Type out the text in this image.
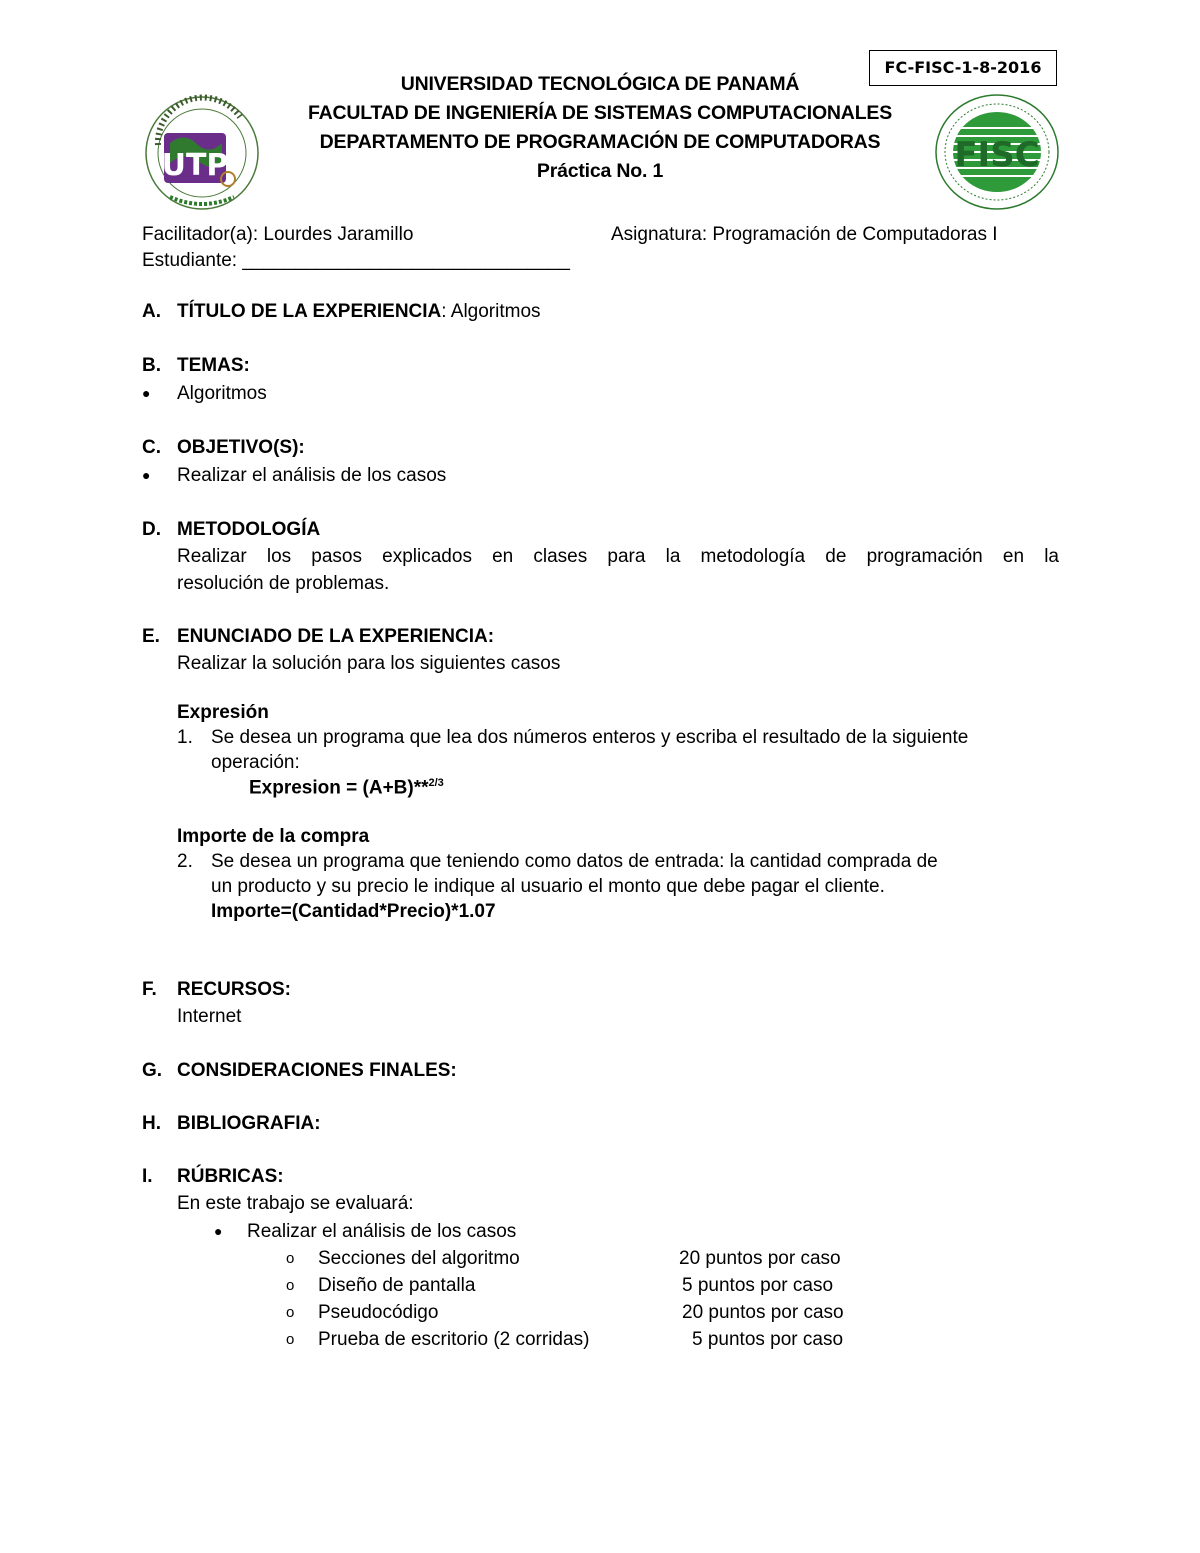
FC-FISC-1-8-2016
UTP	FISC
UNIVERSIDAD TECNOLÓGICA DE PANAMÁ
FACULTAD DE INGENIERÍA DE SISTEMAS COMPUTACIONALES
DEPARTAMENTO DE PROGRAMACIÓN DE COMPUTADORAS
Práctica No. 1
Facilitador(a): Lourdes Jaramillo	Asignatura: Programación de Computadoras I
Estudiante: _______________________________
A. TÍTULO DE LA EXPERIENCIA: Algoritmos
B. TEMAS:
● Algoritmos
C. OBJETIVO(S):
● Realizar el análisis de los casos
D. METODOLOGÍA
Realizar los pasos explicados en clases para la metodología de programación en la
resolución de problemas.
E. ENUNCIADO DE LA EXPERIENCIA:
Realizar la solución para los siguientes casos
Expresión
1. Se desea un programa que lea dos números enteros y escriba el resultado de la siguiente
operación:
Expresion = (A+B)**$^{2/3}$
Importe de la compra
2. Se desea un programa que teniendo como datos de entrada: la cantidad comprada de
un producto y su precio le indique al usuario el monto que debe pagar el cliente.
Importe=(Cantidad*Precio)*1.07
F. RECURSOS:
Internet
G. CONSIDERACIONES FINALES:
H. BIBLIOGRAFIA:
I. RÚBRICAS:
En este trabajo se evaluará:
● Realizar el análisis de los casos
o Secciones del algoritmo	20 puntos por caso
o Diseño de pantalla	5 puntos por caso
o Pseudocódigo	20 puntos por caso
o Prueba de escritorio (2 corridas)	5 puntos por caso
